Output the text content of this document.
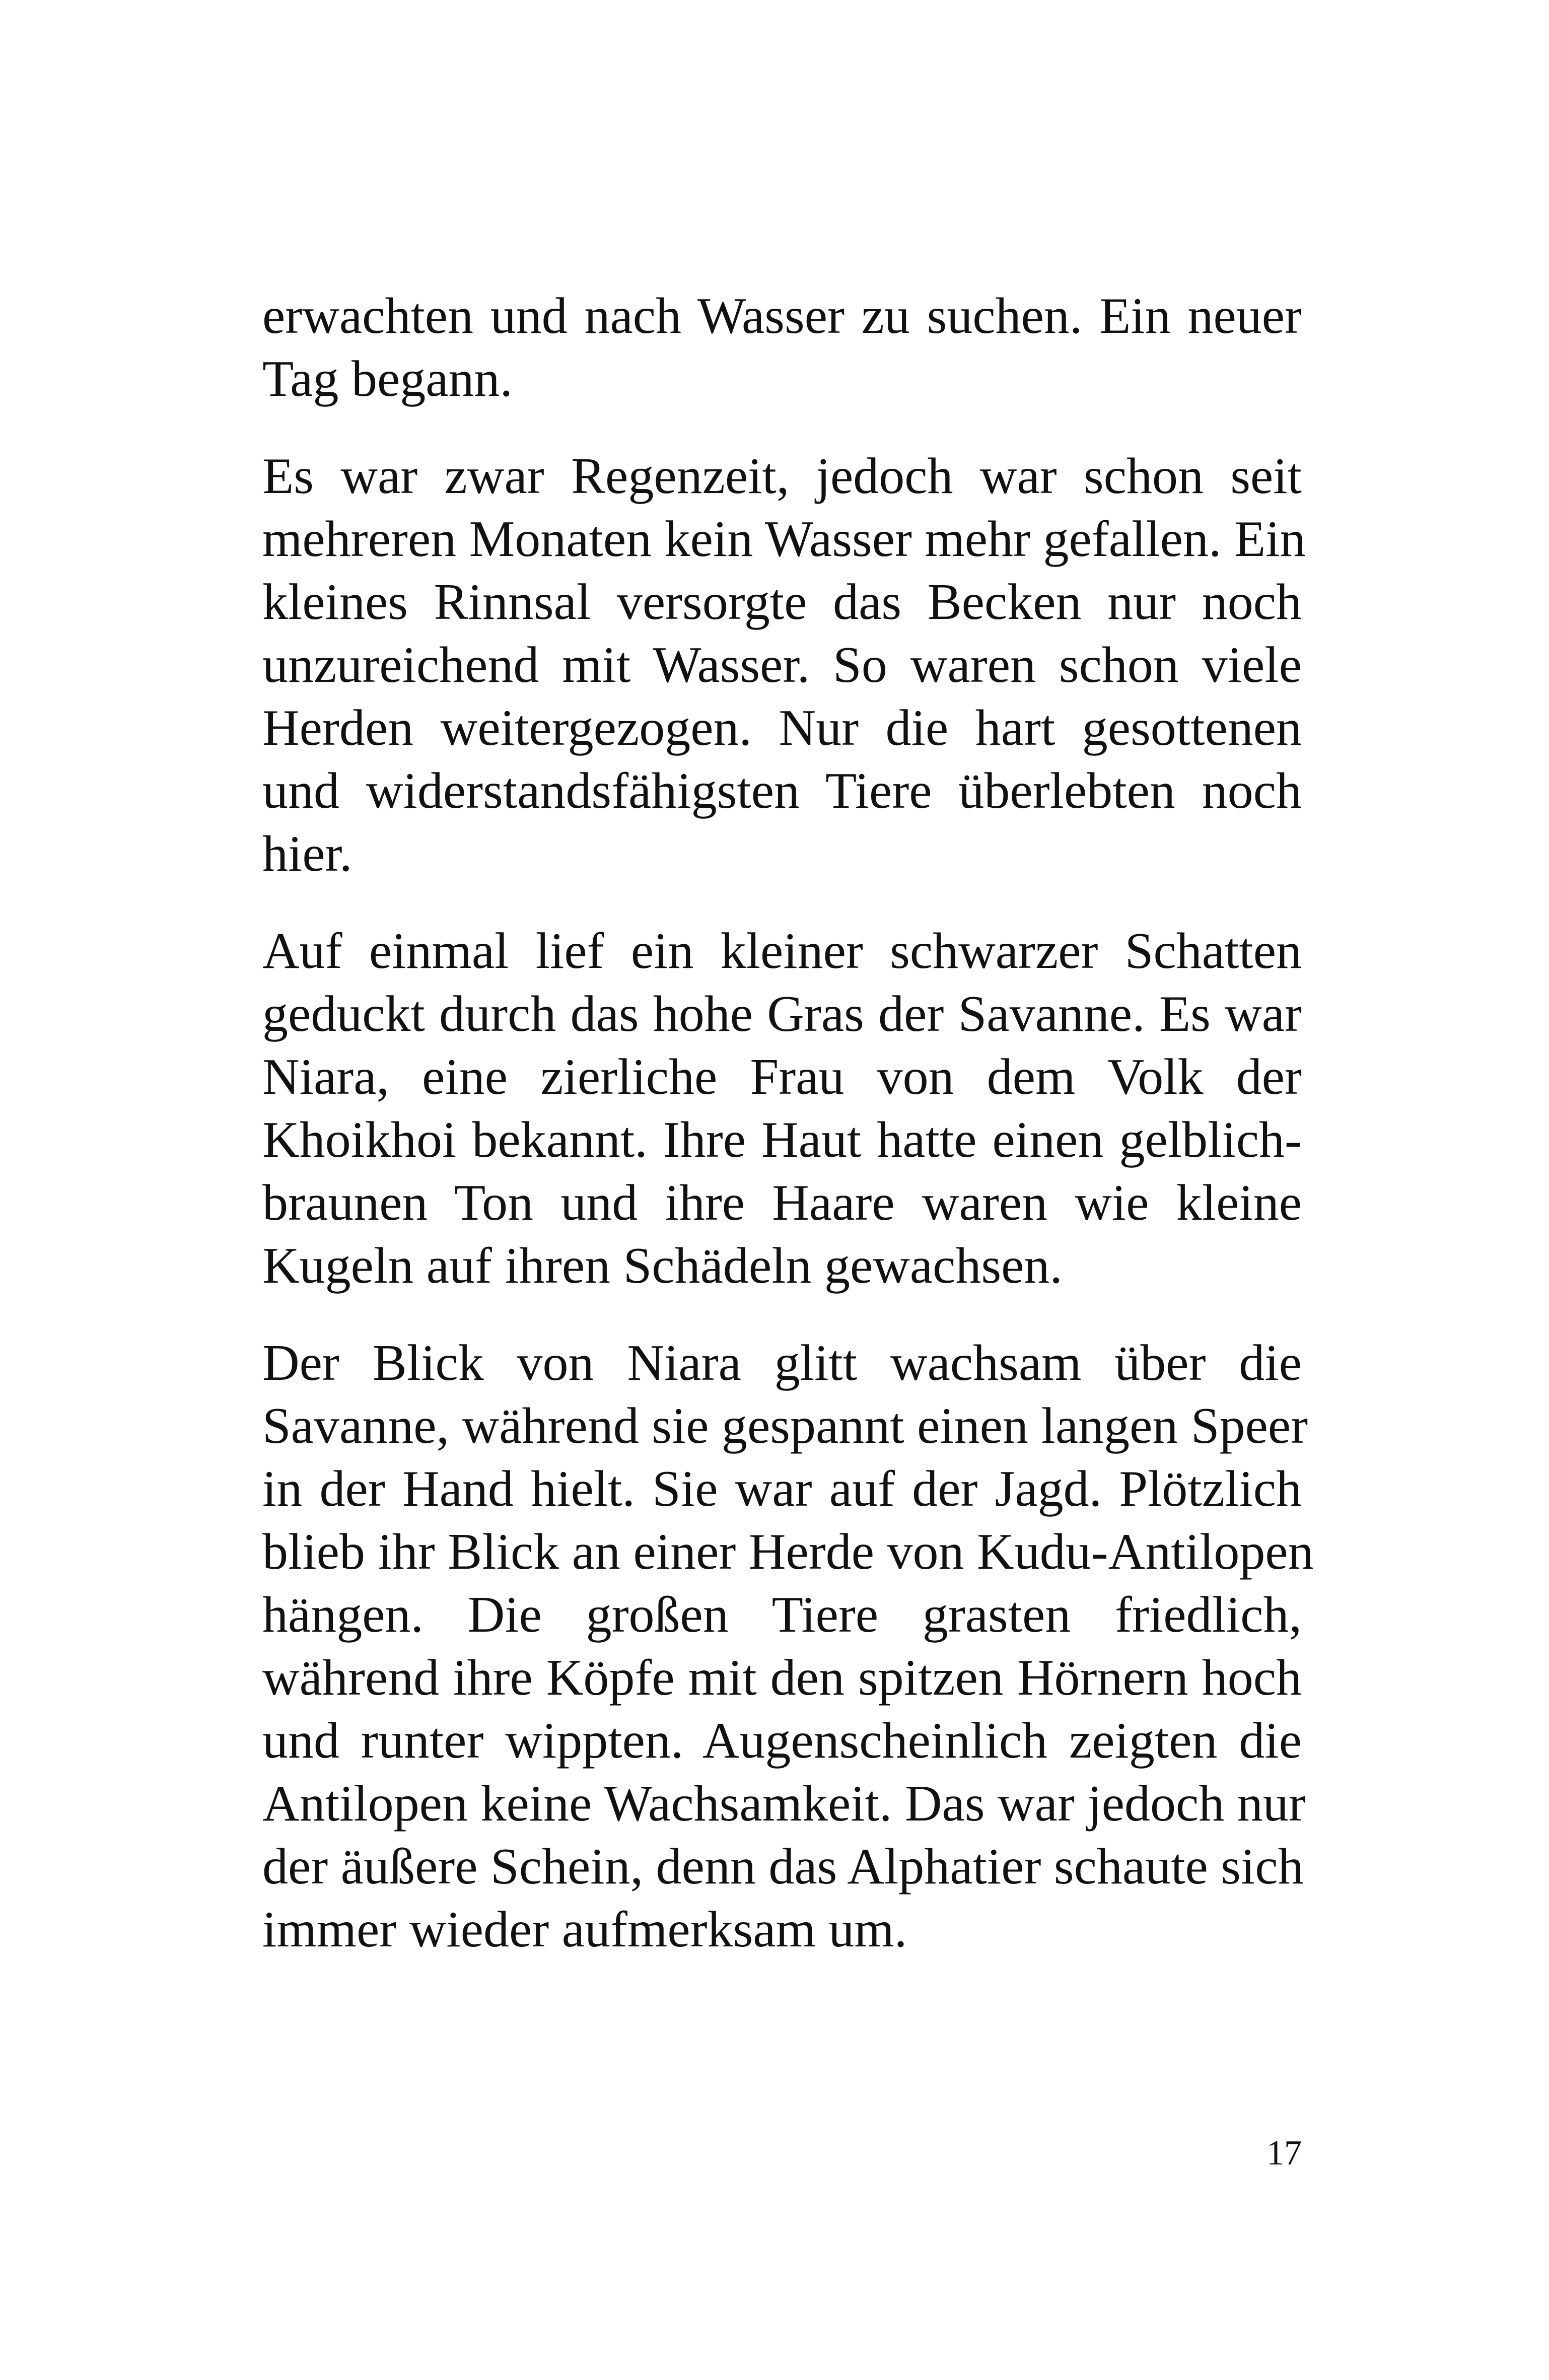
erwachten und nach Wasser zu suchen. Ein neuer
Tag begann.

Es war zwar Regenzeit, jedoch war schon seit
mehreren Monaten kein Wasser mehr gefallen. Ein
kleines Rinnsal versorgte das Becken nur noch
unzureichend mit Wasser. So waren schon viele
Herden weitergezogen. Nur die hart gesottenen
und widerstandsfähigsten Tiere überlebten noch
hier.

Auf einmal lief ein kleiner schwarzer Schatten
geduckt durch das hohe Gras der Savanne. Es war
Niara, eine zierliche Frau von dem Volk der
Khoikhoi bekannt. Ihre Haut hatte einen gelblich-
braunen Ton und ihre Haare waren wie kleine
Kugeln auf ihren Schädeln gewachsen.

Der Blick von Niara glitt wachsam über die
Savanne, während sie gespannt einen langen Speer
in der Hand hielt. Sie war auf der Jagd. Plötzlich
blieb ihr Blick an einer Herde von Kudu-Antilopen
hängen. Die großen Tiere grasten friedlich,
während ihre Köpfe mit den spitzen Hörnern hoch
und runter wippten. Augenscheinlich zeigten die
Antilopen keine Wachsamkeit. Das war jedoch nur
der äußere Schein, denn das Alphatier schaute sich
immer wieder aufmerksam um.

17
